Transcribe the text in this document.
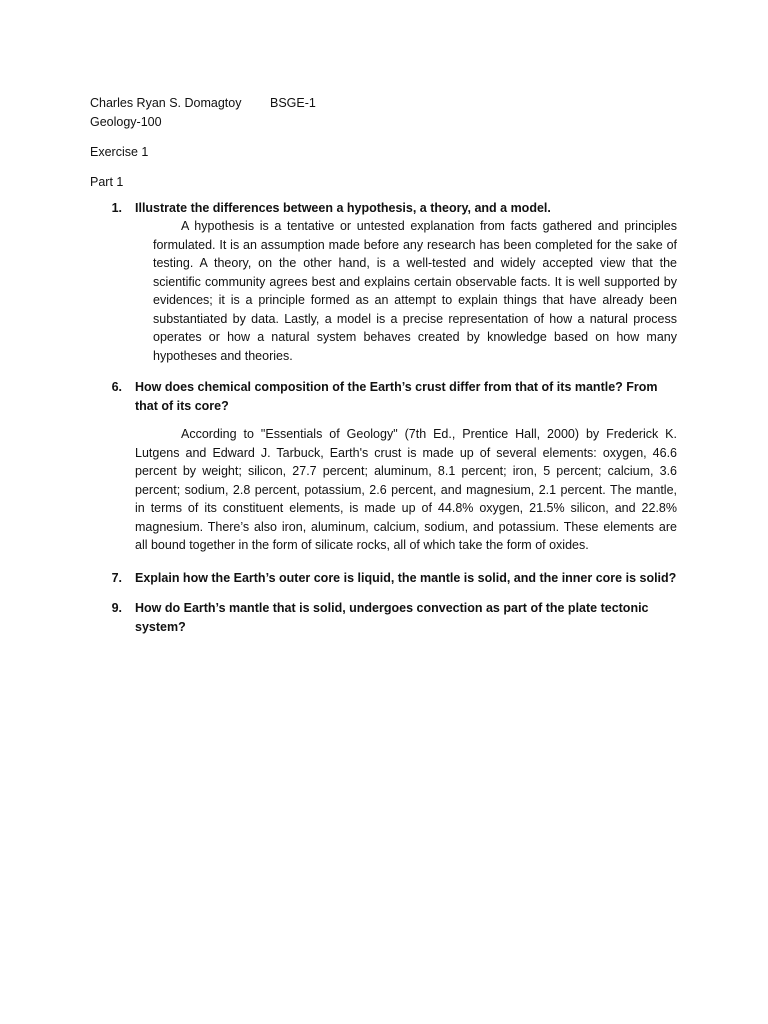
Charles Ryan S. Domagtoy BSGE-1
Geology-100
Exercise 1
Part 1
1. Illustrate the differences between a hypothesis, a theory, and a model.

A hypothesis is a tentative or untested explanation from facts gathered and principles formulated. It is an assumption made before any research has been completed for the sake of testing. A theory, on the other hand, is a well-tested and widely accepted view that the scientific community agrees best and explains certain observable facts. It is well supported by evidences; it is a principle formed as an attempt to explain things that have already been substantiated by data. Lastly, a model is a precise representation of how a natural process operates or how a natural system behaves created by knowledge based on how many hypotheses and theories.

6. How does chemical composition of the Earth’s crust differ from that of its mantle? From that of its core?

According to "Essentials of Geology" (7th Ed., Prentice Hall, 2000) by Frederick K. Lutgens and Edward J. Tarbuck, Earth's crust is made up of several elements: oxygen, 46.6 percent by weight; silicon, 27.7 percent; aluminum, 8.1 percent; iron, 5 percent; calcium, 3.6 percent; sodium, 2.8 percent, potassium, 2.6 percent, and magnesium, 2.1 percent. The mantle, in terms of its constituent elements, is made up of 44.8% oxygen, 21.5% silicon, and 22.8% magnesium. There’s also iron, aluminum, calcium, sodium, and potassium. These elements are all bound together in the form of silicate rocks, all of which take the form of oxides.

7. Explain how the Earth’s outer core is liquid, the mantle is solid, and the inner core is solid?
9. How do Earth’s mantle that is solid, undergoes convection as part of the plate tectonic system?
